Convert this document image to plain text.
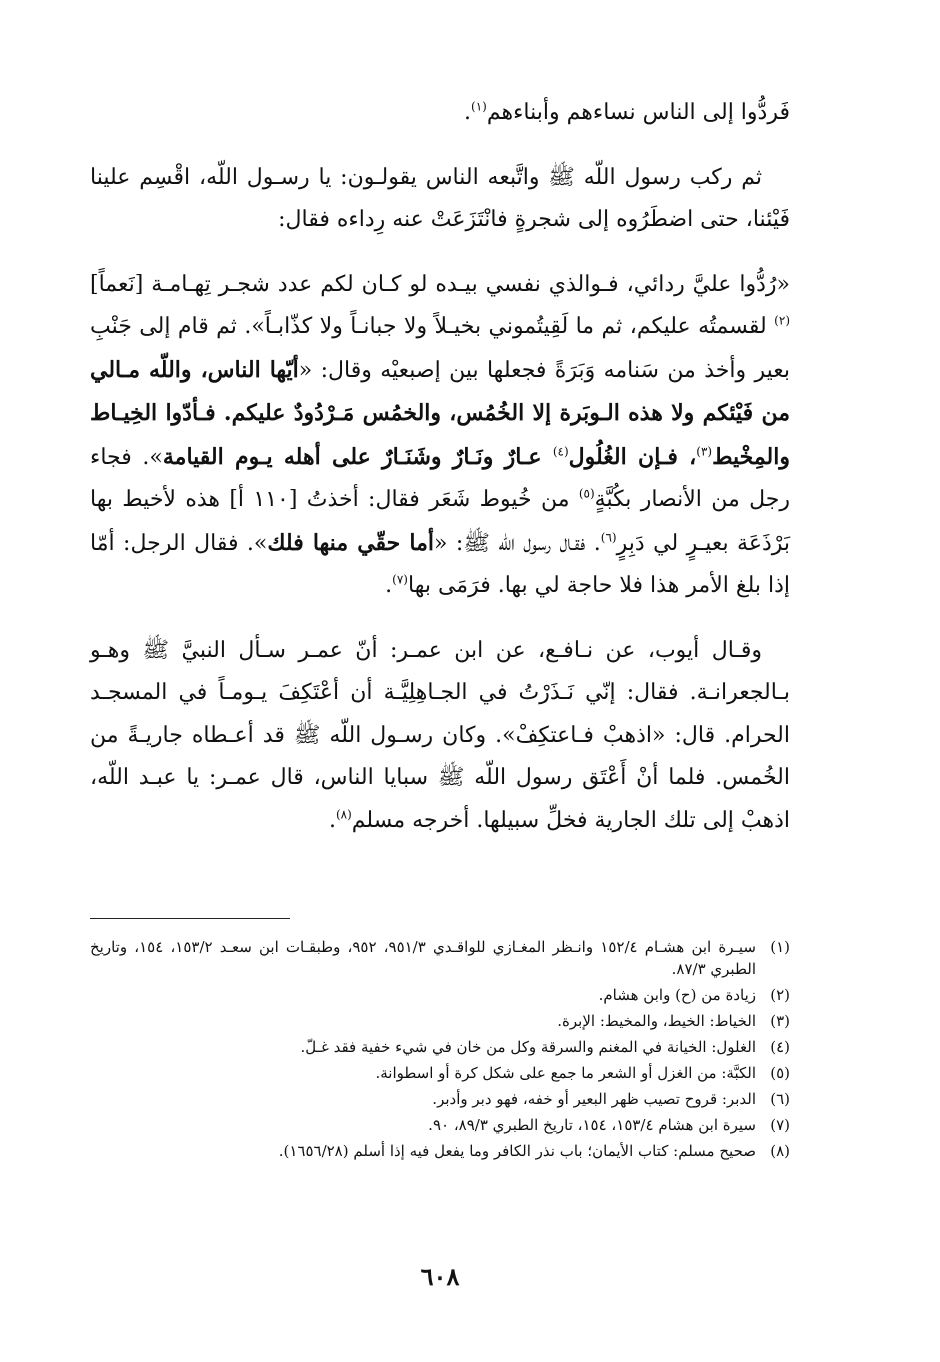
فَردُّوا إلى الناس نساءهم وأبناءهم$^{(١)}$.

ثم ركب رسول اللّه ﷺ واتَّبعه الناس يقولـون: يا رسـول اللّه، اقْسِم علينا فَيْئنا، حتى اضطَرُوه إلى شجرةٍ فانْتَزَعَتْ عنه رِداءه فقال:

«رُدُّوا عليَّ ردائي، فـوالذي نفسي بيـده لو كـان لكم عدد شجـر تِهـامـة [نَعماً]$^{(٢)}$ لقسمتُه عليكم، ثم ما لَقِيتُموني بخيـلاً ولا جبانـاً ولا كذّابـاً». ثم قام إلى جَنْبِ بعير وأخذ من سَنامه وَبَرَةً فجعلها بين إصبعيْه وقال: «أيّها الناس، واللّه مـالي من فَيْئكم ولا هذه الـوبَرة إلا الخُمُس، والخمُس مَـرْدُودٌ عليكم. فـأدّوا الخِيـاط والمِخْيط$^{(٣)}$، فـإن الغُلُول$^{(٤)}$ عـارٌ ونَـارٌ وشَنَـارٌ على أهله يـوم القيامة». فجاء رجل من الأنصار بكُبَّةٍ$^{(٥)}$ من خُيوط شَعَر فقال: أخذتُ [١١٠ أ] هذه لأخيط بها بَرْذَعَة بعيـرٍ لي دَبِرٍ$^{(٦)}$. فقـال رسول اللّه ﷺ: «أما حقّي منها فلك». فقال الرجل: أمّا إذا بلغ الأمر هذا فلا حاجة لي بها. فرَمَى بها$^{(٧)}$.

وقـال أيوب، عن نـافـع، عن ابن عمـر: أنّ عمـر سـأل النبيَّ ﷺ وهـو بـالجعرانـة. فقال: إنّي نَـذَرْتُ في الجـاهِلِيَّـة أن أعْتَكِفَ يـومـاً في المسجـد الحرام. قال: «اذهبْ فـاعتكِفْ». وكان رسـول اللّه ﷺ قد أعـطاه جاريـةً من الخُمس. فلما أنْ أَعْتَق رسول اللّه ﷺ سبايا الناس، قال عمـر: يا عبـد اللّه، اذهبْ إلى تلك الجارية فخلِّ سبيلها. أخرجه مسلم$^{(٨)}$.

(١)
سيـرة ابن هشـام ١٥٢/٤ وانـظر المغـازي للواقـدي ٩٥١/٣، ٩٥٢، وطبقـات ابن سعـد ١٥٣/٢، ١٥٤، وتاريخ الطبري ٨٧/٣.
(٢)
زيادة من (ح) وابن هشام.
(٣)
الخياط: الخيط، والمخيط: الإبرة.
(٤)
الغلول: الخيانة في المغنم والسرقة وكل من خان في شيء خفية فقد غـلّ.
(٥)
الكبَّة: من الغزل أو الشعر ما جمع على شكل كرة أو اسطوانة.
(٦)
الدبر: قروح تصيب ظهر البعير أو خفه، فهو دبر وأدبر.
(٧)
سيرة ابن هشام ١٥٣/٤، ١٥٤، تاريخ الطبري ٨٩/٣، ٩٠.
(٨)
صحيح مسلم: كتاب الأيمان؛ باب نذر الكافر وما يفعل فيه إذا أسلم (١٦٥٦/٢٨).
٦٠٨
